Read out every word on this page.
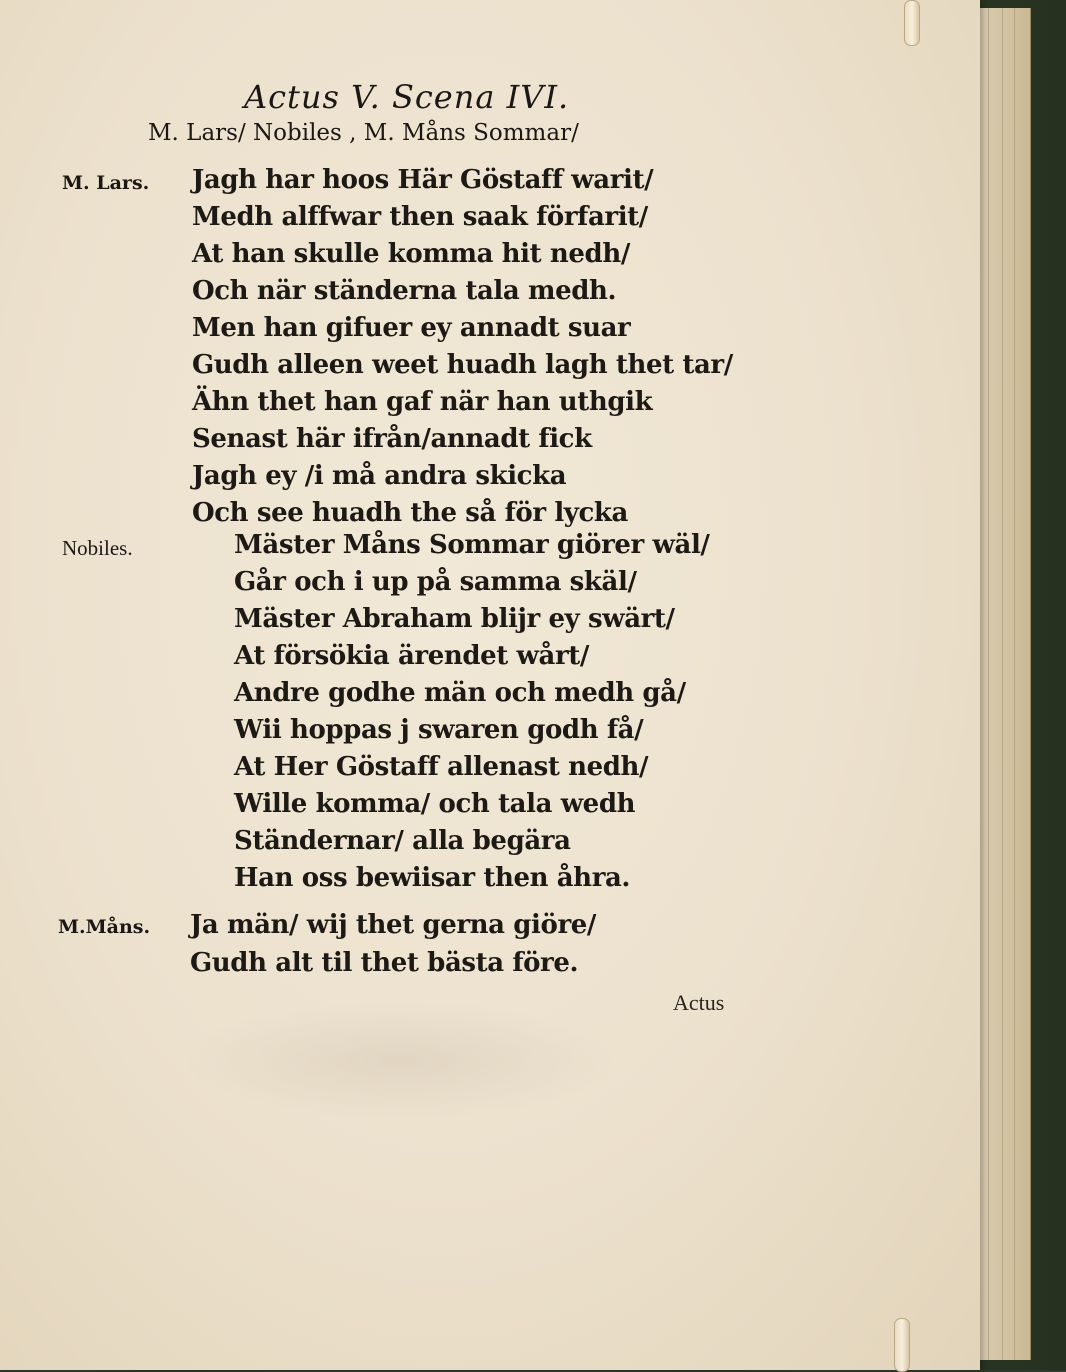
Actus V. Scena IVI.
M. Lars/ Nobiles , M. Måns Sommar/
M. Lars. Jagh har hoos Här Göstaff warit/
Medh alffwar then saak förfarit/
At han skulle komma hit nedh/
Och när ständerna tala medh.
Men han gifuer ey annadt suar
Gudh alleen weet huadh lagh thet tar/
Ähn thet han gaf när han uthgik
Senast här ifrån/annadt fick
Jagh ey /i må andra skicka
Och see huadh the så för lycka
Nobiles.	Mäster Måns Sommar giörer wäl/
Går och i up på samma skäl/
Mäster Abraham blijr ey swärt/
At försökia ärendet wårt/
Andre godhe män och medh gå/
Wii hoppas j swaren godh få/
At Her Göstaff allenast nedh/
Wille komma/ och tala wedh
Ständernar/ alla begära
Han oss bewiisar then åhra.
M.Måns. Ja män/ wij thet gerna giöre/
Gudh alt til thet bästa före.
Actus
